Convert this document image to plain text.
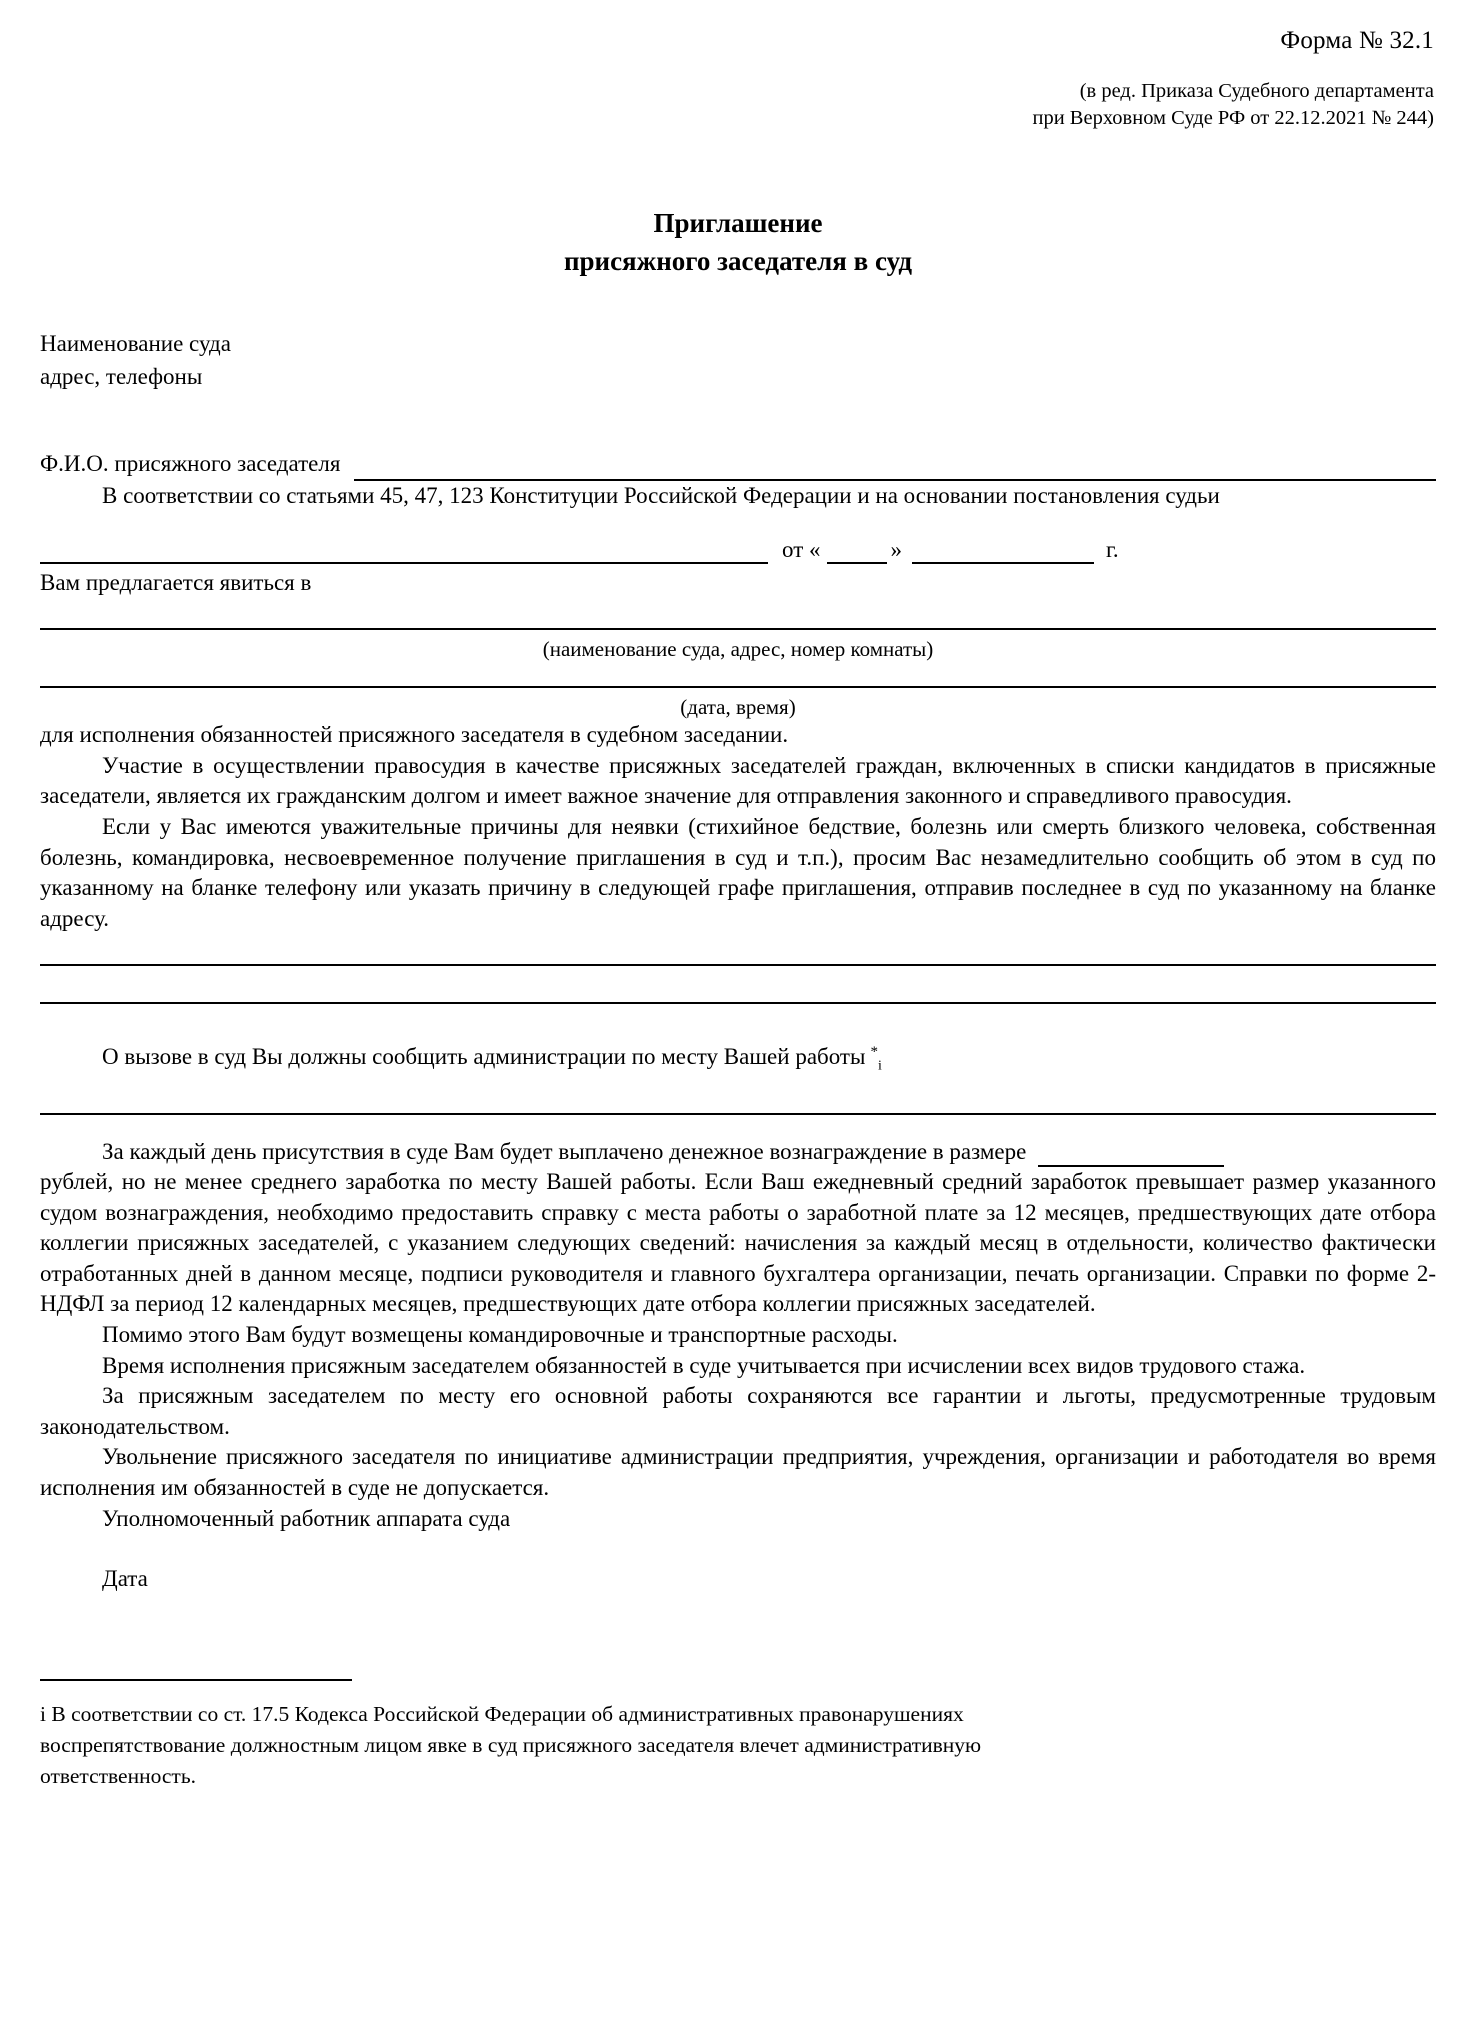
Форма № 32.1
(в ред. Приказа Судебного департамента
при Верховном Суде РФ от 22.12.2021 № 244)
Приглашение
присяжного заседателя в суд
Наименование суда
адрес, телефоны
Ф.И.О. присяжного заседателя

В соответствии со статьями 45, 47, 123 Конституции Российской Федерации и на основании постановления судьи

от «	»	г.
Вам предлагается явиться в
(наименование суда, адрес, номер комнаты)
(дата, время)

для исполнения обязанностей присяжного заседателя в судебном заседании.

Участие в осуществлении правосудия в качестве присяжных заседателей граждан, включенных в списки кандидатов в присяжные заседатели, является их гражданским долгом и имеет важное значение для отправления законного и справедливого правосудия.

Если у Вас имеются уважительные причины для неявки (стихийное бедствие, болезнь или смерть близкого человека, собственная болезнь, командировка, несвоевременное получение приглашения в суд и т.п.), просим Вас незамедлительно сообщить об этом в суд по указанному на бланке телефону или указать причину в следующей графе приглашения, отправив последнее в суд по указанному на бланке адресу.

О вызове в суд Вы должны сообщить администрации по месту Вашей работы *$_i$

За каждый день присутствия в суде Вам будет выплачено денежное вознаграждение в размере

рублей, но не менее среднего заработка по месту Вашей работы. Если Ваш ежедневный средний заработок превышает размер указанного судом вознаграждения, необходимо предоставить справку с места работы о заработной плате за 12 месяцев, предшествующих дате отбора коллегии присяжных заседателей, с указанием следующих сведений: начисления за каждый месяц в отдельности, количество фактически отработанных дней в данном месяце, подписи руководителя и главного бухгалтера организации, печать организации. Справки по форме 2-НДФЛ за период 12 календарных месяцев, предшествующих дате отбора коллегии присяжных заседателей.

Помимо этого Вам будут возмещены командировочные и транспортные расходы.

Время исполнения присяжным заседателем обязанностей в суде учитывается при исчислении всех видов трудового стажа.

За присяжным заседателем по месту его основной работы сохраняются все гарантии и льготы, предусмотренные трудовым законодательством.

Увольнение присяжного заседателя по инициативе администрации предприятия, учреждения, организации и работодателя во время исполнения им обязанностей в суде не допускается.

Уполномоченный работник аппарата суда

Дата

i В соответствии со ст. 17.5 Кодекса Российской Федерации об административных правонарушениях воспрепятствование должностным лицом явке в суд присяжного заседателя влечет административную ответственность.
